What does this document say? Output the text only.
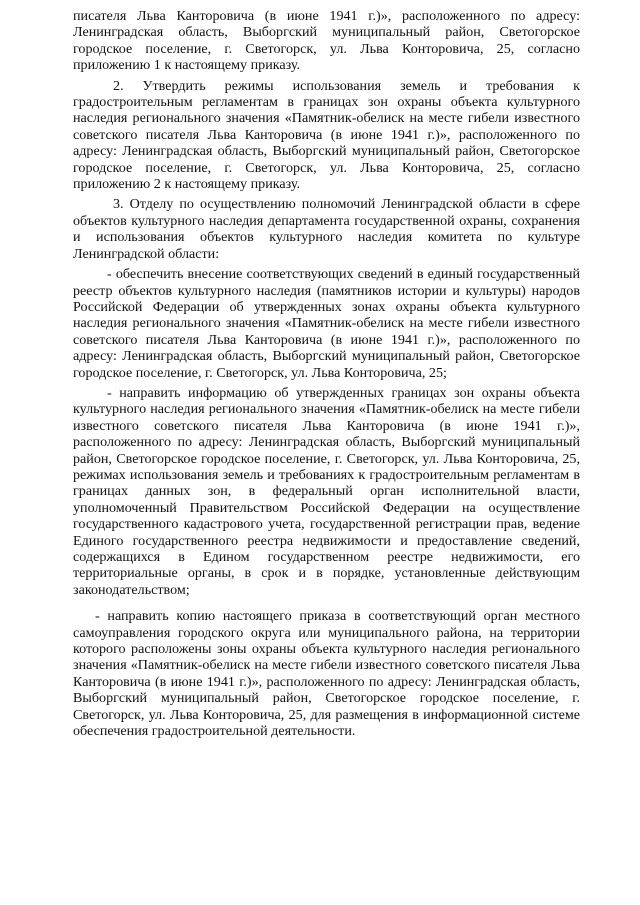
писателя Льва Канторовича (в июне 1941 г.)», расположенного по адресу: Ленинградская область, Выборгский муниципальный район, Светогорское городское поселение, г. Светогорск, ул. Льва Конторовича, 25, согласно приложению 1 к настоящему приказу.

2. Утвердить режимы использования земель и требования к градостроительным регламентам в границах зон охраны объекта культурного наследия регионального значения «Памятник-обелиск на месте гибели известного советского писателя Льва Канторовича (в июне 1941 г.)», расположенного по адресу: Ленинградская область, Выборгский муниципальный район, Светогорское городское поселение, г. Светогорск, ул. Льва Конторовича, 25, согласно приложению 2 к настоящему приказу.

3. Отделу по осуществлению полномочий Ленинградской области в сфере объектов культурного наследия департамента государственной охраны, сохранения и использования объектов культурного наследия комитета по культуре Ленинградской области:

- обеспечить внесение соответствующих сведений в единый государственный реестр объектов культурного наследия (памятников истории и культуры) народов Российской Федерации об утвержденных зонах охраны объекта культурного наследия регионального значения «Памятник-обелиск на месте гибели известного советского писателя Льва Канторовича (в июне 1941 г.)», расположенного по адресу: Ленинградская область, Выборгский муниципальный район, Светогорское городское поселение, г. Светогорск, ул. Льва Конторовича, 25;

- направить информацию об утвержденных границах зон охраны объекта культурного наследия регионального значения «Памятник-обелиск на месте гибели известного советского писателя Льва Канторовича (в июне 1941 г.)», расположенного по адресу: Ленинградская область, Выборгский муниципальный район, Светогорское городское поселение, г. Светогорск, ул. Льва Конторовича, 25, режимах использования земель и требованиях к градостроительным регламентам в границах данных зон, в федеральный орган исполнительной власти, уполномоченный Правительством Российской Федерации на осуществление государственного кадастрового учета, государственной регистрации прав, ведение Единого государственного реестра недвижимости и предоставление сведений, содержащихся в Едином государственном реестре недвижимости, его территориальные органы, в срок и в порядке, установленные действующим законодательством;

- направить копию настоящего приказа в соответствующий орган местного самоуправления городского округа или муниципального района, на территории которого расположены зоны охраны объекта культурного наследия регионального значения «Памятник-обелиск на месте гибели известного советского писателя Льва Канторовича (в июне 1941 г.)», расположенного по адресу: Ленинградская область, Выборгский муниципальный район, Светогорское городское поселение, г. Светогорск, ул. Льва Конторовича, 25, для размещения в информационной системе обеспечения градостроительной деятельности.
